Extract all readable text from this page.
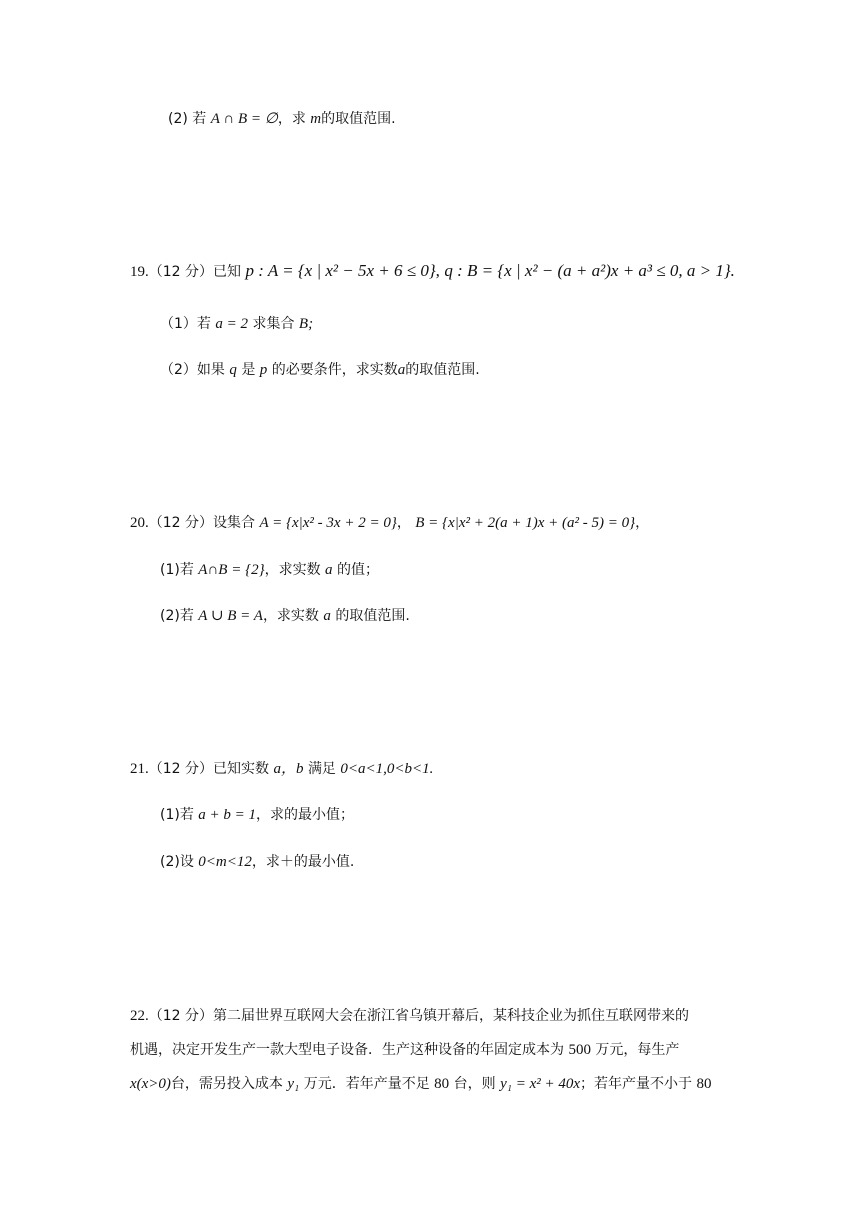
(2) 若 A ∩ B = ∅，求 m的取值范围.
19.（12 分）已知 p : A = {x | x² − 5x + 6 ≤ 0}, q : B = {x | x² − (a + a²)x + a³ ≤ 0, a > 1}.
（1）若 a = 2 求集合 B;
（2）如果 q 是 p 的必要条件，求实数a的取值范围.
20.（12 分）设集合 A = {x|x² - 3x + 2 = 0}， B = {x|x² + 2(a + 1)x + (a² - 5) = 0}，
(1)若 A∩B = {2}，求实数 a 的值；
(2)若 A ∪ B = A，求实数 a 的取值范围.
21.（12 分）已知实数 a，b 满足 0<a<1,0<b<1.
(1)若 a + b = 1，求的最小值；
(2)设 0<m<12，求＋的最小值.
22.（12 分）第二届世界互联网大会在浙江省乌镇开幕后，某科技企业为抓住互联网带来的
机遇，决定开发生产一款大型电子设备．生产这种设备的年固定成本为 500 万元，每生产
x(x>0)台，需另投入成本 y₁ 万元．若年产量不足 80 台，则 y₁ = x² + 40x；若年产量不小于 80
